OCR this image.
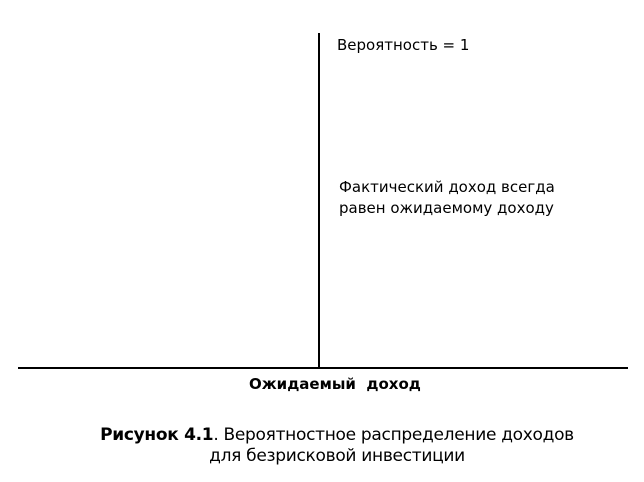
Вероятность = 1
Фактический доход всегда
равен ожидаемому доходу
Ожидаемый  доход
Рисунок 4.1. Вероятностное распределение доходов
для безрисковой инвестиции
